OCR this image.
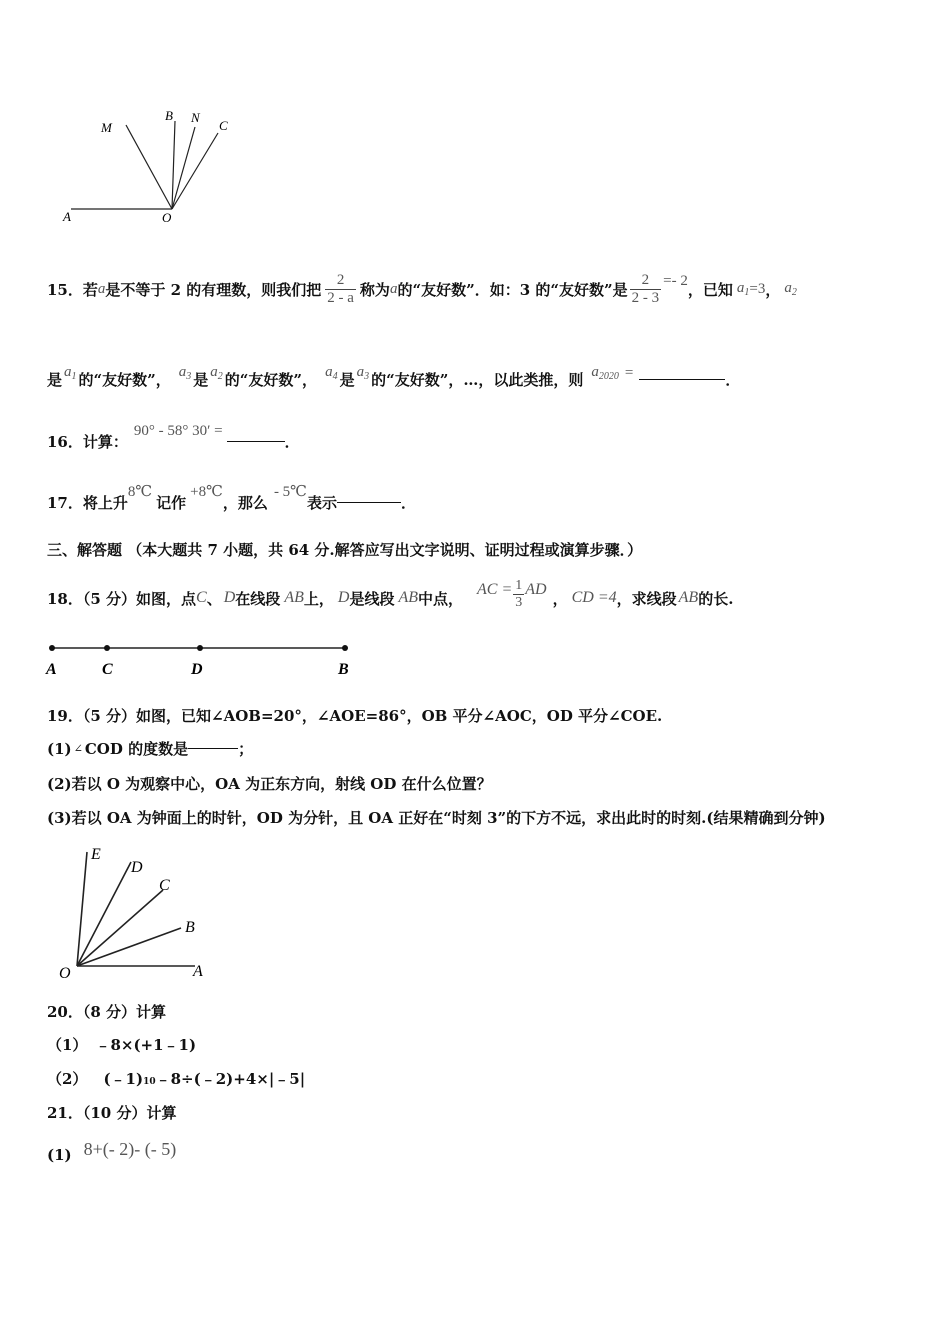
M
B N
C
A	O
15．若 a 是不等于 2 的有理数，则我们把 $\frac{2}{2 - a}$ 称为 a 的“友好数”．如：3 的“友好数”是 $\frac{2}{2 - 3} =- 2$ ，已知 $a_1 =3$ ， $a_2$
是 $a_1$ 的“友好数”， $a_3$ 是 $a_2$ 的“友好数”， $a_4$ 是 $a_3$ 的“友好数”，…，以此类推，则 $a_{2020}$ =	．
16．计算：
90° - 58° 30′ =
．
17．将上升
8℃
记作
+8℃
，那么
- 5℃
表示	．
三、解答题 （本大题共 7 小题，共 64 分.解答应写出文字说明、证明过程或演算步骤．）
18．（5 分）如图，点 C 、 D 在线段 AB 上， D 是线段 AB 中点， AC = $\frac{1}{3}$ AD ， CD =4 ，求线段 AB 的长.
A	C	D	B
19．（5 分）如图，已知∠AOB=20°，∠AOE=86°，OB 平分∠AOC，OD 平分∠COE.
(1) ∠ COD 的度数是	；
(2)若以 O 为观察中心，OA 为正东方向，射线 OD 在什么位置？
(3)若以 OA 为钟面上的时针，OD 为分针，且 OA 正好在“时刻 3”的下方不远，求出此时的时刻.(结果精确到分钟)
E
D
C
B
O	A
20．（8 分）计算
（1） ﹣8×(+1﹣1)
（2） $(﹣1)_{10}$ ﹣8÷(﹣2)+4×|﹣5|
21．（10 分）计算
(1) 8+(- 2)- (- 5)
